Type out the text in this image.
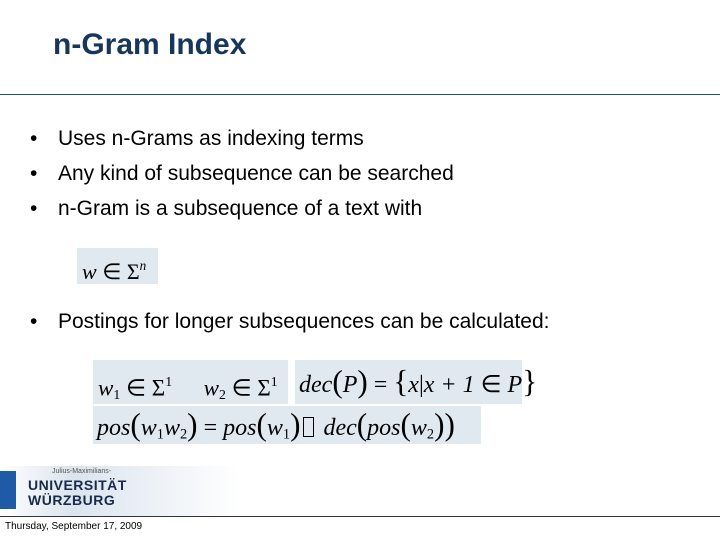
n-Gram Index
• Uses n-Grams as indexing terms
• Any kind of subsequence can be searched
• n-Gram is a subsequence of a text with
w ∈ $\Sigma^n$
• Postings for longer subsequences can be calculated:
$w_1$ ∈ $\Sigma^1$ $w_2$ ∈ $\Sigma^1$ dec(P) = {x|x + 1 ∈ P}
$pos(w_1w_2) = pos(w_1)$ $dec(pos(w_2))$
Julius-Maximilians-
UNIVERSITÄT
WÜRZBURG
Thursday, September 17, 2009
